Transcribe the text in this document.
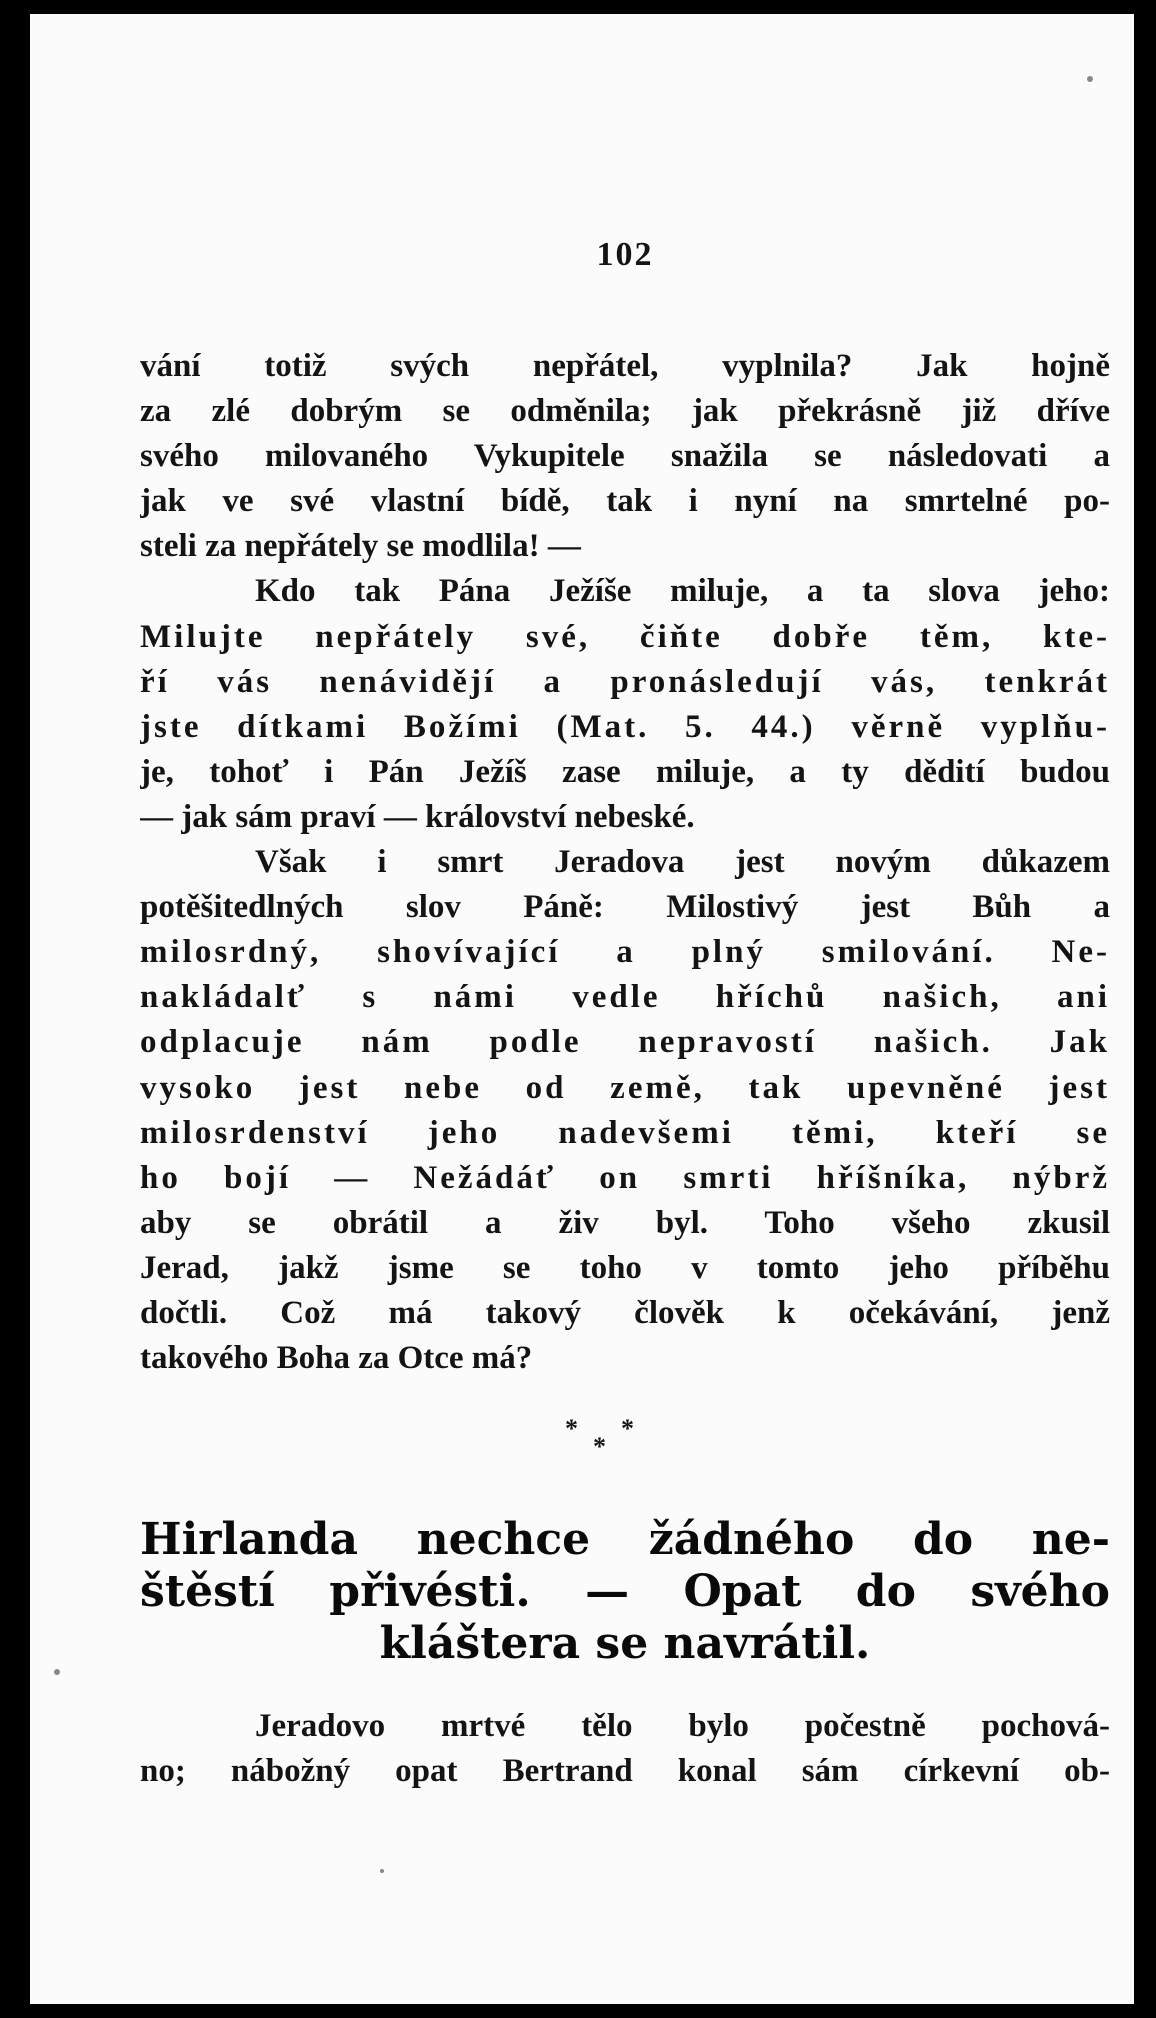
102
vání totiž svých nepřátel, vyplnila? Jak hojně
za zlé dobrým se odměnila; jak překrásně již dříve
svého milovaného Vykupitele snažila se následovati a
jak ve své vlastní bídě, tak i nyní na smrtelné po-
steli za nepřátely se modlila! —
Kdo tak Pána Ježíše miluje, a ta slova jeho:
Milujte nepřátely své, čiňte dobře těm, kte-
ří vás nenávidějí a pronásledují vás, tenkrát
jste dítkami Božími (Mat. 5. 44.) věrně vyplňu-
je, tohoť i Pán Ježíš zase miluje, a ty dědití budou
— jak sám praví — království nebeské.
Však i smrt Jeradova jest novým důkazem
potěšitedlných slov Páně: Milostivý jest Bůh a
milosrdný, shovívající a plný smilování. Ne-
nakládalť s námi vedle hříchů našich, ani
odplacuje nám podle nepravostí našich. Jak
vysoko jest nebe od země, tak upevněné jest
milosrdenství jeho nadevšemi těmi, kteří se
ho bojí — Nežádáť on smrti hříšníka, nýbrž
aby se obrátil a živ byl. Toho všeho zkusil
Jerad, jakž jsme se toho v tomto jeho příběhu
dočtli. Což má takový člověk k očekávání, jenž
takového Boha za Otce má?
*
*
*
Hirlanda nechce žádného do ne-
štěstí přivésti. — Opat do svého
kláštera se navrátil.
Jeradovo mrtvé tělo bylo počestně pochová-
no; nábožný opat Bertrand konal sám církevní ob-
